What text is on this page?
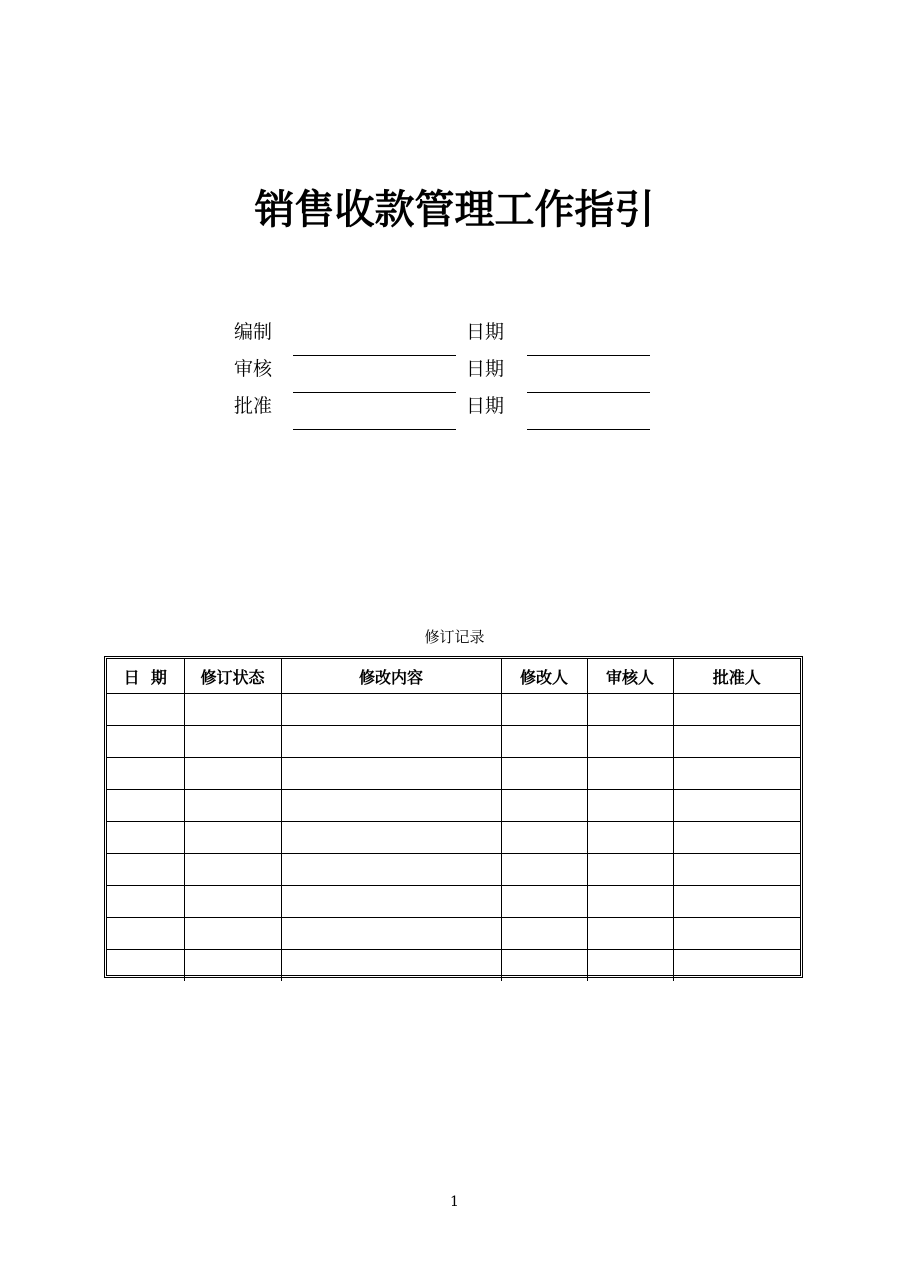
销售收款管理工作指引
编制	日期
审核	日期
批准	日期
修订记录
日  期	修订状态	修改内容	修改人	审核人	批准人

1
